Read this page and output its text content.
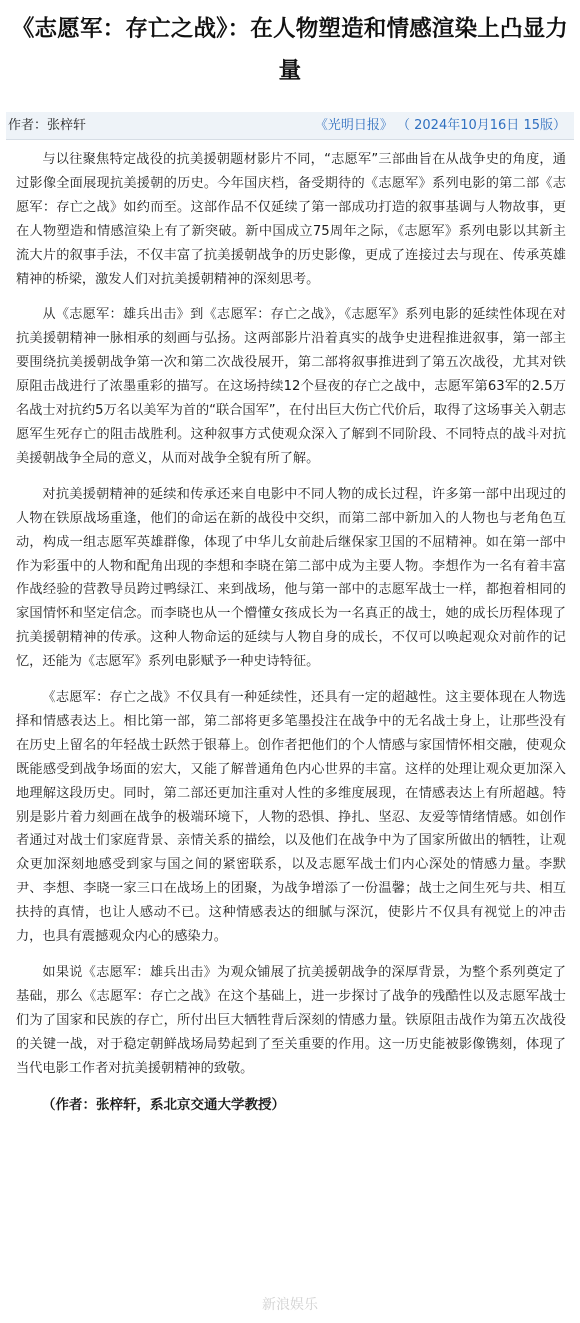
《志愿军：存亡之战》：在人物塑造和情感渲染上凸显力量
作者：张梓轩	《光明日报》 （ 2024年10月16日 15版）

与以往聚焦特定战役的抗美援朝题材影片不同，“志愿军”三部曲旨在从战争史的角度，通过影像全面展现抗美援朝的历史。今年国庆档，备受期待的《志愿军》系列电影的第二部《志愿军：存亡之战》如约而至。这部作品不仅延续了第一部成功打造的叙事基调与人物故事，更在人物塑造和情感渲染上有了新突破。新中国成立75周年之际，《志愿军》系列电影以其新主流大片的叙事手法，不仅丰富了抗美援朝战争的历史影像，更成了连接过去与现在、传承英雄精神的桥梁，激发人们对抗美援朝精神的深刻思考。

从《志愿军：雄兵出击》到《志愿军：存亡之战》，《志愿军》系列电影的延续性体现在对抗美援朝精神一脉相承的刻画与弘扬。这两部影片沿着真实的战争史进程推进叙事，第一部主要围绕抗美援朝战争第一次和第二次战役展开，第二部将叙事推进到了第五次战役，尤其对铁原阻击战进行了浓墨重彩的描写。在这场持续12个昼夜的存亡之战中，志愿军第63军的2.5万名战士对抗约5万名以美军为首的“联合国军”，在付出巨大伤亡代价后，取得了这场事关入朝志愿军生死存亡的阻击战胜利。这种叙事方式使观众深入了解到不同阶段、不同特点的战斗对抗美援朝战争全局的意义，从而对战争全貌有所了解。

对抗美援朝精神的延续和传承还来自电影中不同人物的成长过程，许多第一部中出现过的人物在铁原战场重逢，他们的命运在新的战役中交织，而第二部中新加入的人物也与老角色互动，构成一组志愿军英雄群像，体现了中华儿女前赴后继保家卫国的不屈精神。如在第一部中作为彩蛋中的人物和配角出现的李想和李晓在第二部中成为主要人物。李想作为一名有着丰富作战经验的营教导员跨过鸭绿江、来到战场，他与第一部中的志愿军战士一样，都抱着相同的家国情怀和坚定信念。而李晓也从一个懵懂女孩成长为一名真正的战士，她的成长历程体现了抗美援朝精神的传承。这种人物命运的延续与人物自身的成长，不仅可以唤起观众对前作的记忆，还能为《志愿军》系列电影赋予一种史诗特征。

《志愿军：存亡之战》不仅具有一种延续性，还具有一定的超越性。这主要体现在人物选择和情感表达上。相比第一部，第二部将更多笔墨投注在战争中的无名战士身上，让那些没有在历史上留名的年轻战士跃然于银幕上。创作者把他们的个人情感与家国情怀相交融，使观众既能感受到战争场面的宏大，又能了解普通角色内心世界的丰富。这样的处理让观众更加深入地理解这段历史。同时，第二部还更加注重对人性的多维度展现，在情感表达上有所超越。特别是影片着力刻画在战争的极端环境下，人物的恐惧、挣扎、坚忍、友爱等情绪情感。如创作者通过对战士们家庭背景、亲情关系的描绘，以及他们在战争中为了国家所做出的牺牲，让观众更加深刻地感受到家与国之间的紧密联系，以及志愿军战士们内心深处的情感力量。李默尹、李想、李晓一家三口在战场上的团聚，为战争增添了一份温馨；战士之间生死与共、相互扶持的真情，也让人感动不已。这种情感表达的细腻与深沉，使影片不仅具有视觉上的冲击力，也具有震撼观众内心的感染力。

如果说《志愿军：雄兵出击》为观众铺展了抗美援朝战争的深厚背景，为整个系列奠定了基础，那么《志愿军：存亡之战》在这个基础上，进一步探讨了战争的残酷性以及志愿军战士们为了国家和民族的存亡，所付出巨大牺牲背后深刻的情感力量。铁原阻击战作为第五次战役的关键一战，对于稳定朝鲜战场局势起到了至关重要的作用。这一历史能被影像镌刻，体现了当代电影工作者对抗美援朝精神的致敬。

（作者：张梓轩，系北京交通大学教授）

新浪娱乐
